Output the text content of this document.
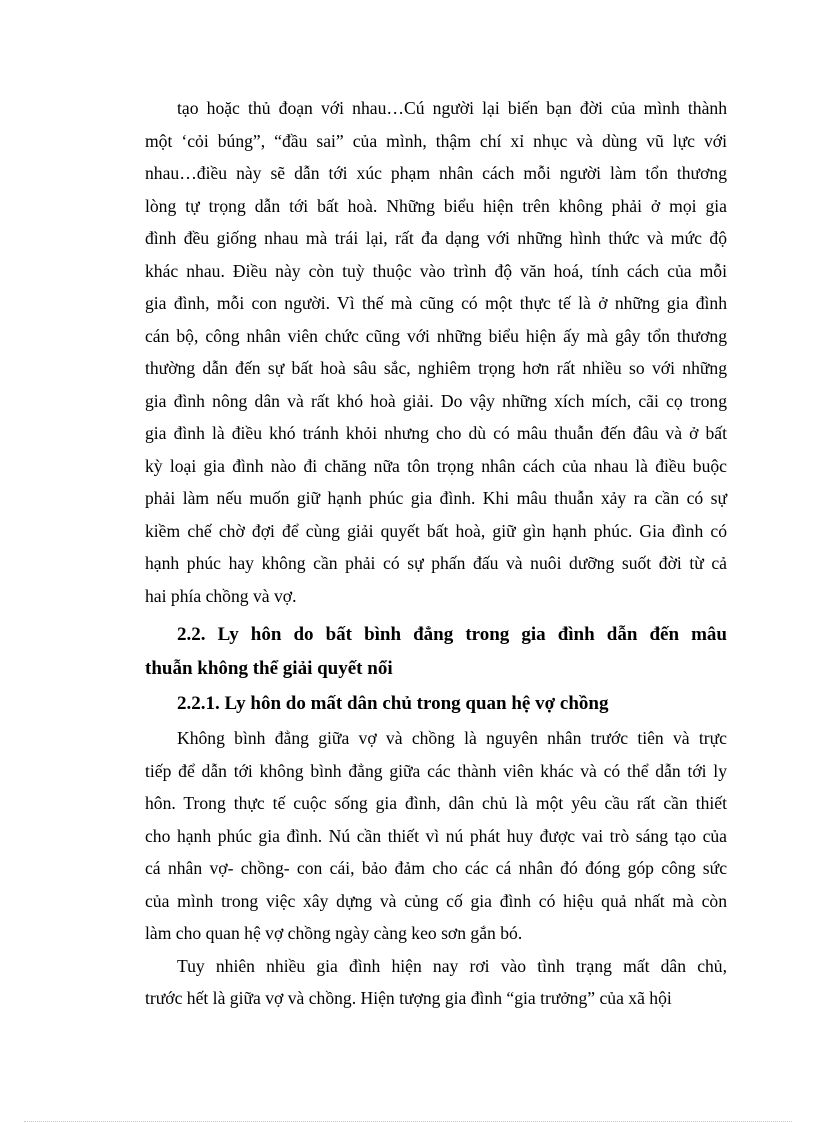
tạo hoặc thủ đoạn với nhau…Cú người lại biến bạn đời của mình thành
một ‘cỏi búng”, “đầu sai” của mình, thậm chí xỉ nhục và dùng vũ lực với
nhau…điều này sẽ dẫn tới xúc phạm nhân cách mỗi người làm tổn thương
lòng tự trọng dẫn tới bất hoà. Những biểu hiện trên không phải ở mọi gia
đình đều giống nhau mà trái lại, rất đa dạng với những hình thức và mức độ
khác nhau. Điều này còn tuỳ thuộc vào trình độ văn hoá, tính cách của mỗi
gia đình, mỗi con người. Vì thế mà cũng có một thực tế là ở những gia đình
cán bộ, công nhân viên chức cũng với những biểu hiện ấy mà gây tổn thương
thường dẫn đến sự bất hoà sâu sắc, nghiêm trọng hơn rất nhiều so với những
gia đình nông dân và rất khó hoà giải. Do vậy những xích mích, cãi cọ trong
gia đình là điều khó tránh khỏi nhưng cho dù có mâu thuẫn đến đâu và ở bất
kỳ loại gia đình nào đi chăng nữa tôn trọng nhân cách của nhau là điều buộc
phải làm nếu muốn giữ hạnh phúc gia đình. Khi mâu thuẫn xảy ra cần có sự
kiềm chế chờ đợi để cùng giải quyết bất hoà, giữ gìn hạnh phúc. Gia đình có
hạnh phúc hay không cần phải có sự phấn đấu và nuôi dưỡng suốt đời từ cả
hai phía chồng và vợ.
2.2. Ly hôn do bất bình đẳng trong gia đình dẫn đến mâu
thuẫn không thể giải quyết nổi
2.2.1. Ly hôn do mất dân chủ trong quan hệ vợ chồng
Không bình đẳng giữa vợ và chồng là nguyên nhân trước tiên và trực
tiếp để dẫn tới không bình đẳng giữa các thành viên khác và có thể dẫn tới ly
hôn. Trong thực tế cuộc sống gia đình, dân chủ là một yêu cầu rất cần thiết
cho hạnh phúc gia đình. Nú cần thiết vì nú phát huy được vai trò sáng tạo của
cá nhân vợ- chồng- con cái, bảo đảm cho các cá nhân đó đóng góp công sức
của mình trong việc xây dựng và củng cố gia đình có hiệu quả nhất mà còn
làm cho quan hệ vợ chồng ngày càng keo sơn gắn bó.
Tuy nhiên nhiều gia đình hiện nay rơi vào tình trạng mất dân chủ,
trước hết là giữa vợ và chồng. Hiện tượng gia đình “gia trưởng” của xã hội
